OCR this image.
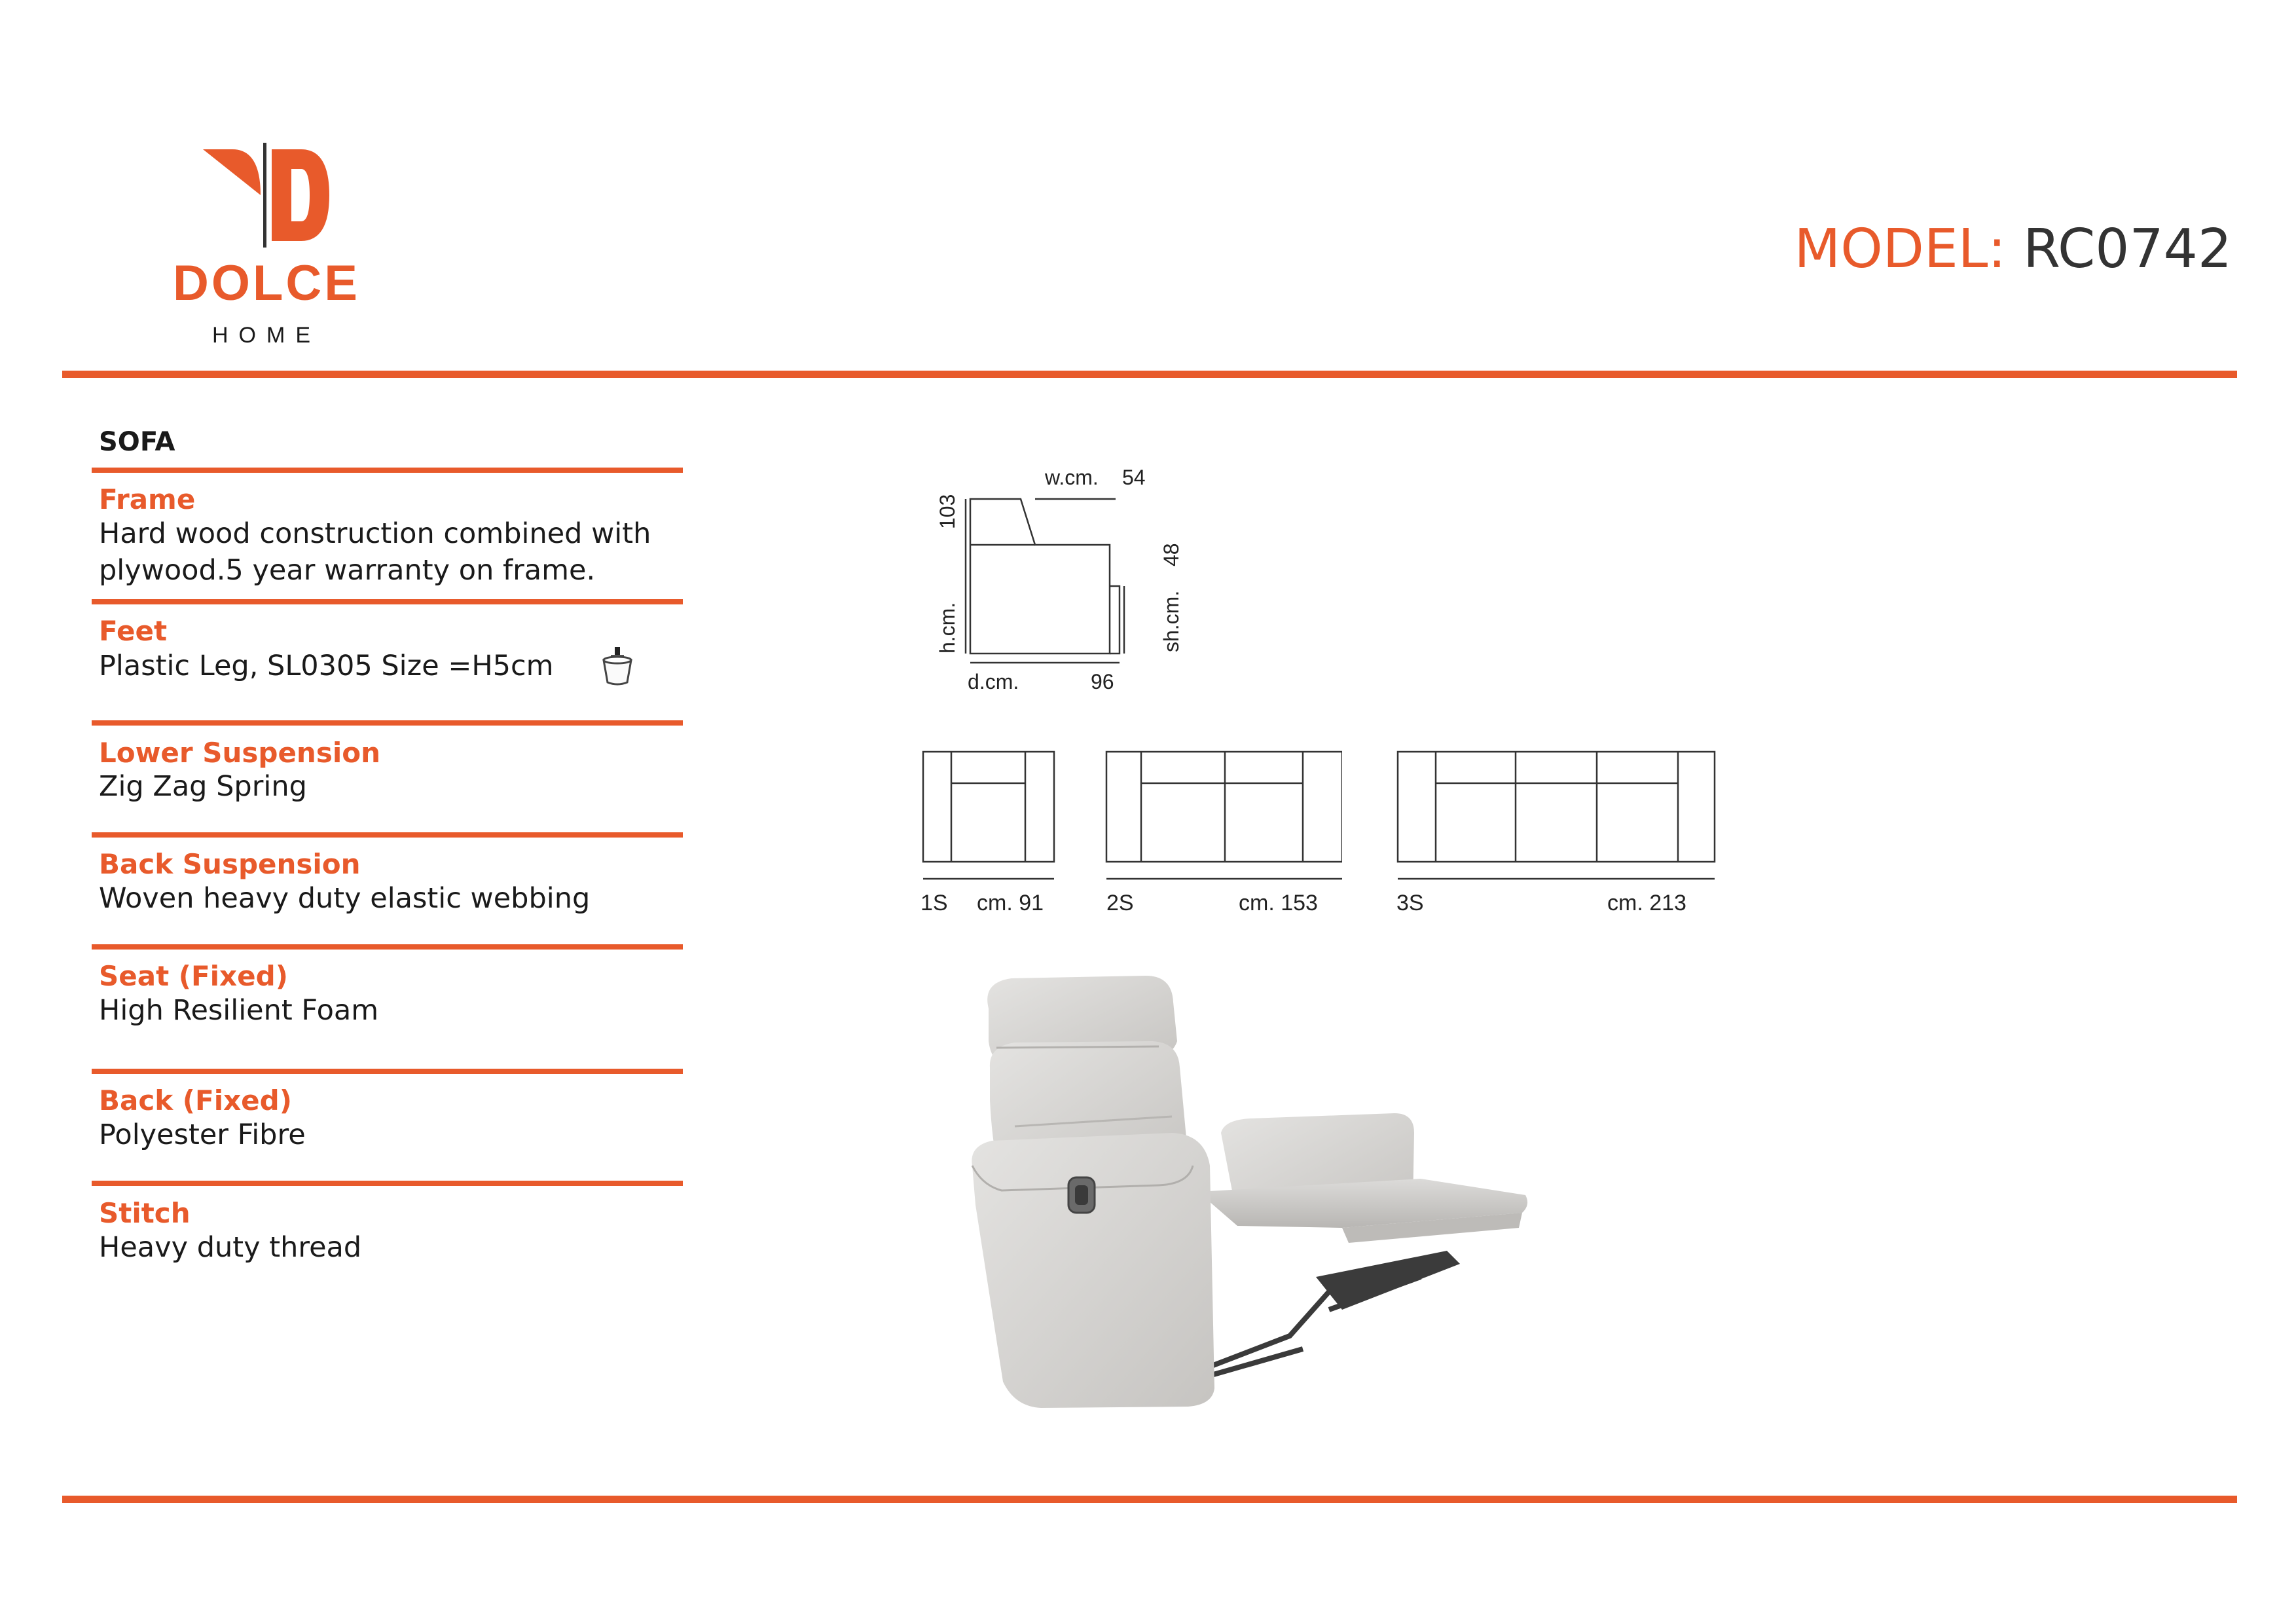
DOLCE
HOME
MODEL: RC0742
SOFA
Frame
Hard wood construction combined with plywood.5 year warranty on frame.
Feet
Plastic Leg, SL0305 Size =H5cm
Lower Suspension
Zig Zag Spring
Back Suspension
Woven heavy duty elastic webbing
Seat (Fixed)
High Resilient Foam
Back (Fixed)
Polyester Fibre
Stitch
Heavy duty thread
w.cm. 54
103
h.cm.	sh.cm.
48
d.cm.	96
1S cm. 91	2S	cm. 153	3S	cm. 213
